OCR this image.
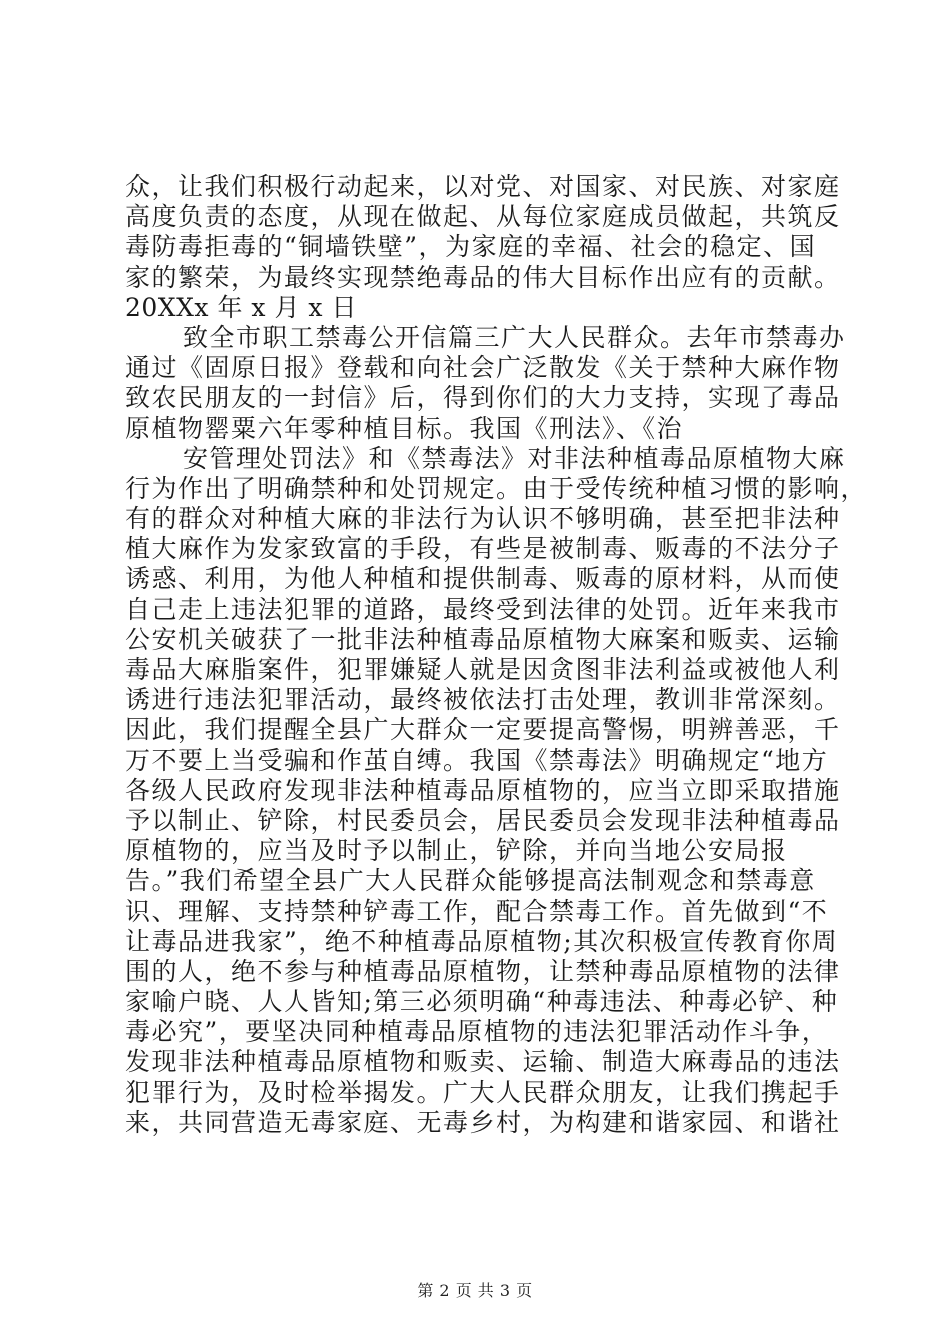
众，让我们积极行动起来，以对党、对国家、对民族、对家庭
高度负责的态度，从现在做起、从每位家庭成员做起，共筑反
毒防毒拒毒的“铜墙铁壁”，为家庭的幸福、社会的稳定、国
家的繁荣，为最终实现禁绝毒品的伟大目标作出应有的贡献。
20XXx 年 x 月 x 日
致全市职工禁毒公开信篇三广大人民群众。去年市禁毒办
通过《固原日报》登载和向社会广泛散发《关于禁种大麻作物
致农民朋友的一封信》后，得到你们的大力支持，实现了毒品
原植物罂粟六年零种植目标。我国《刑法》、《治
安管理处罚法》和《禁毒法》对非法种植毒品原植物大麻
行为作出了明确禁种和处罚规定。由于受传统种植习惯的影响，
有的群众对种植大麻的非法行为认识不够明确，甚至把非法种
植大麻作为发家致富的手段，有些是被制毒、贩毒的不法分子
诱惑、利用，为他人种植和提供制毒、贩毒的原材料，从而使
自己走上违法犯罪的道路，最终受到法律的处罚。近年来我市
公安机关破获了一批非法种植毒品原植物大麻案和贩卖、运输
毒品大麻脂案件，犯罪嫌疑人就是因贪图非法利益或被他人利
诱进行违法犯罪活动，最终被依法打击处理，教训非常深刻。
因此，我们提醒全县广大群众一定要提高警惕，明辨善恶，千
万不要上当受骗和作茧自缚。我国《禁毒法》明确规定“地方
各级人民政府发现非法种植毒品原植物的，应当立即采取措施
予以制止、铲除，村民委员会，居民委员会发现非法种植毒品
原植物的，应当及时予以制止，铲除，并向当地公安局报
告。”我们希望全县广大人民群众能够提高法制观念和禁毒意
识、理解、支持禁种铲毒工作，配合禁毒工作。首先做到“不
让毒品进我家”，绝不种植毒品原植物;其次积极宣传教育你周
围的人，绝不参与种植毒品原植物，让禁种毒品原植物的法律
家喻户晓、人人皆知;第三必须明确“种毒违法、种毒必铲、种
毒必究”，要坚决同种植毒品原植物的违法犯罪活动作斗争，
发现非法种植毒品原植物和贩卖、运输、制造大麻毒品的违法
犯罪行为，及时检举揭发。广大人民群众朋友，让我们携起手
来，共同营造无毒家庭、无毒乡村，为构建和谐家园、和谐社
第 2 页 共 3 页
